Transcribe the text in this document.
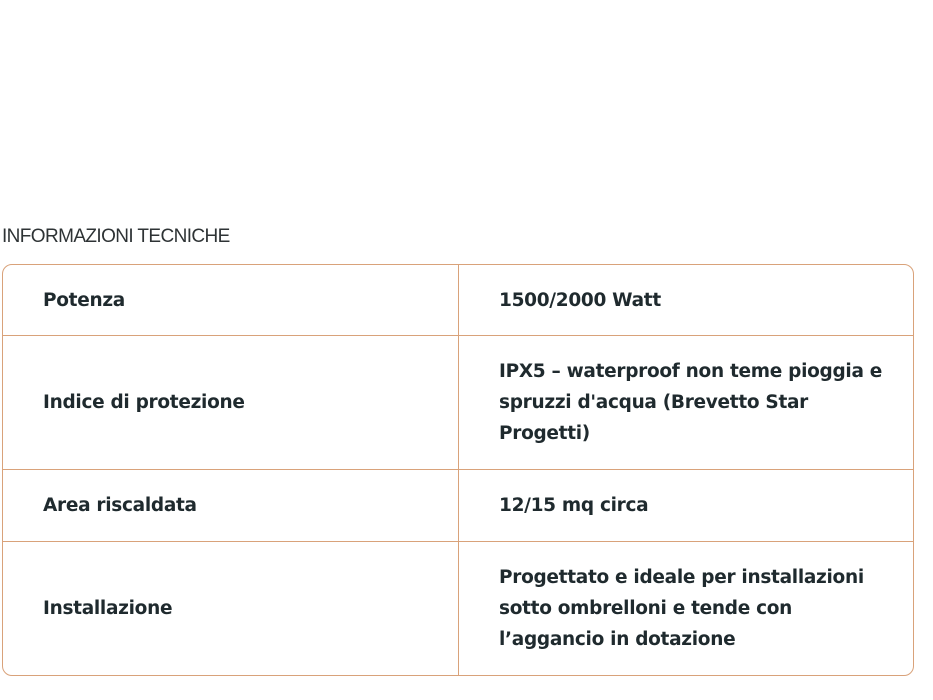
INFORMAZIONI TECNICHE
Potenza	1500/2000 Watt
Indice di protezione
IPX5 – waterproof non teme pioggia e spruzzi d'acqua (Brevetto Star Progetti)
Area riscaldata	12/15 mq circa
Installazione
Progettato e ideale per installazioni sotto ombrelloni e tende con l’aggancio in dotazione
